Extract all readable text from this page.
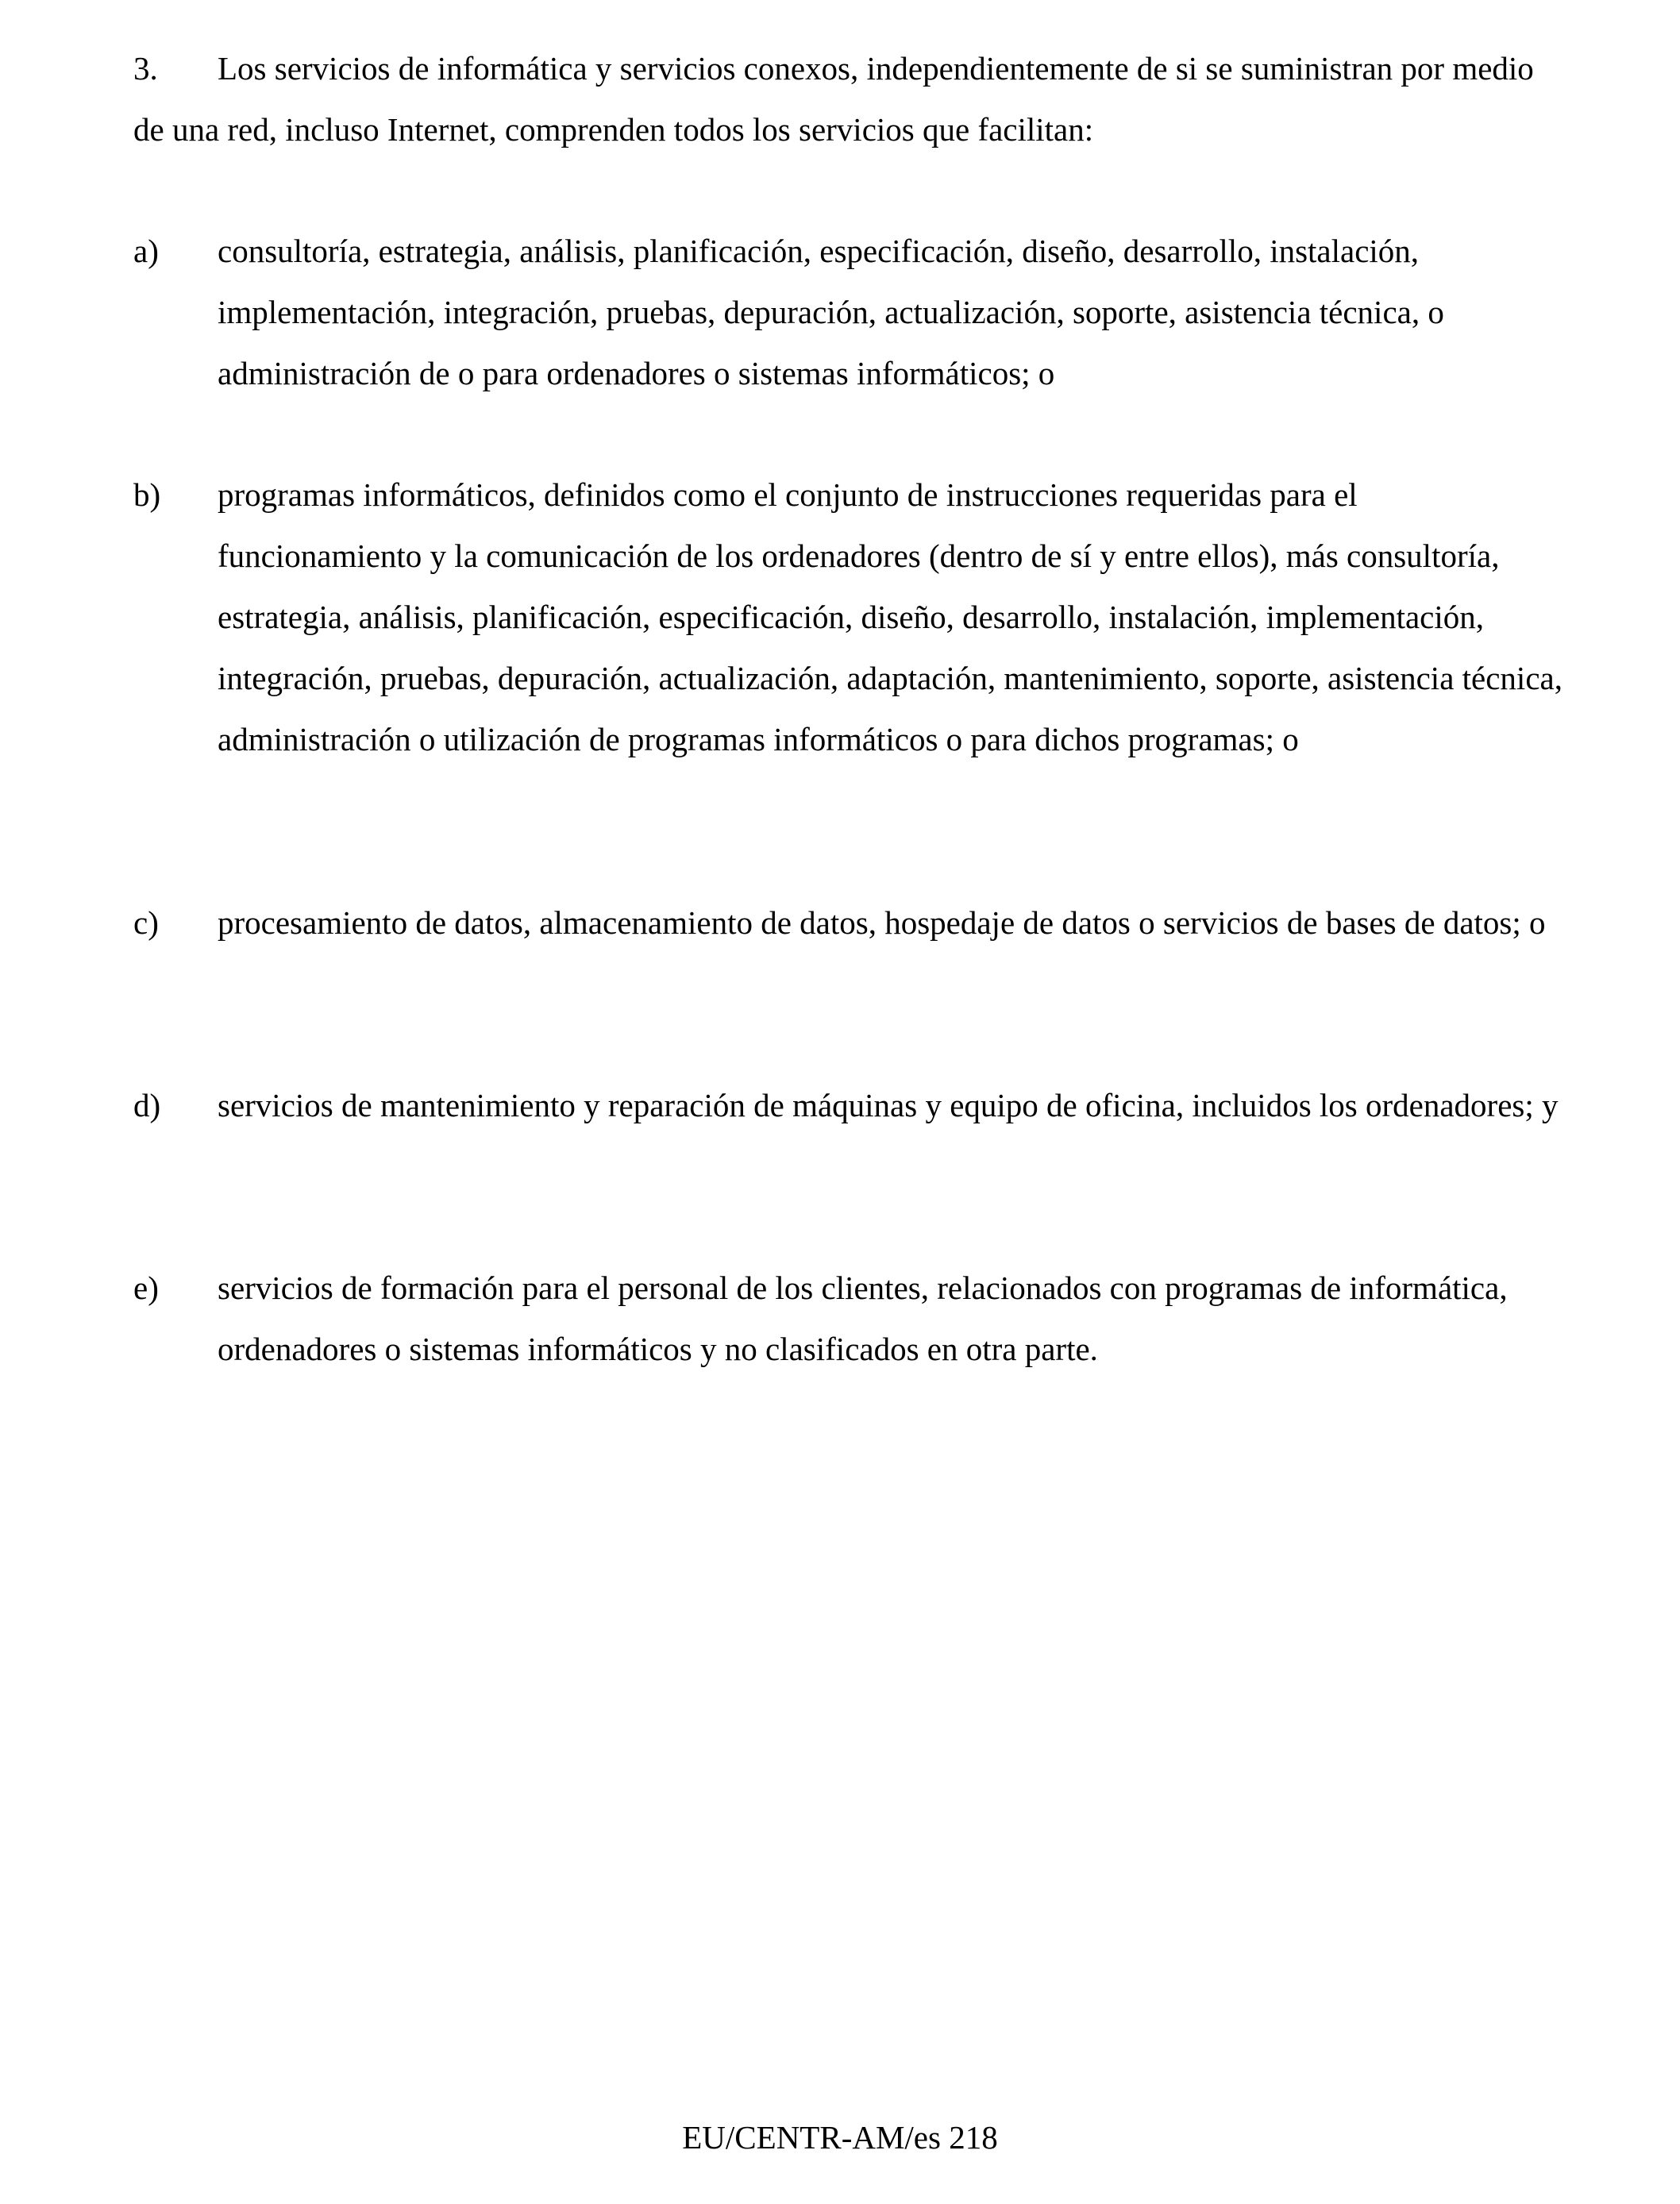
3. Los servicios de informática y servicios conexos, independientemente de si se suministran por medio de una red, incluso Internet, comprenden todos los servicios que facilitan:

a)	consultoría, estrategia, análisis, planificación, especificación, diseño, desarrollo, instalación, implementación, integración, pruebas, depuración, actualización, soporte, asistencia técnica, o administración de o para ordenadores o sistemas informáticos; o
b)	programas informáticos, definidos como el conjunto de instrucciones requeridas para el funcionamiento y la comunicación de los ordenadores (dentro de sí y entre ellos), más consultoría, estrategia, análisis, planificación, especificación, diseño, desarrollo, instalación, implementación, integración, pruebas, depuración, actualización, adaptación, mantenimiento, soporte, asistencia técnica, administración o utilización de programas informáticos o para dichos programas; o
c)	procesamiento de datos, almacenamiento de datos, hospedaje de datos o servicios de bases de datos; o
d)	servicios de mantenimiento y reparación de máquinas y equipo de oficina, incluidos los ordenadores; y
e)	servicios de formación para el personal de los clientes, relacionados con programas de informática, ordenadores o sistemas informáticos y no clasificados en otra parte.

EU/CENTR-AM/es 218
